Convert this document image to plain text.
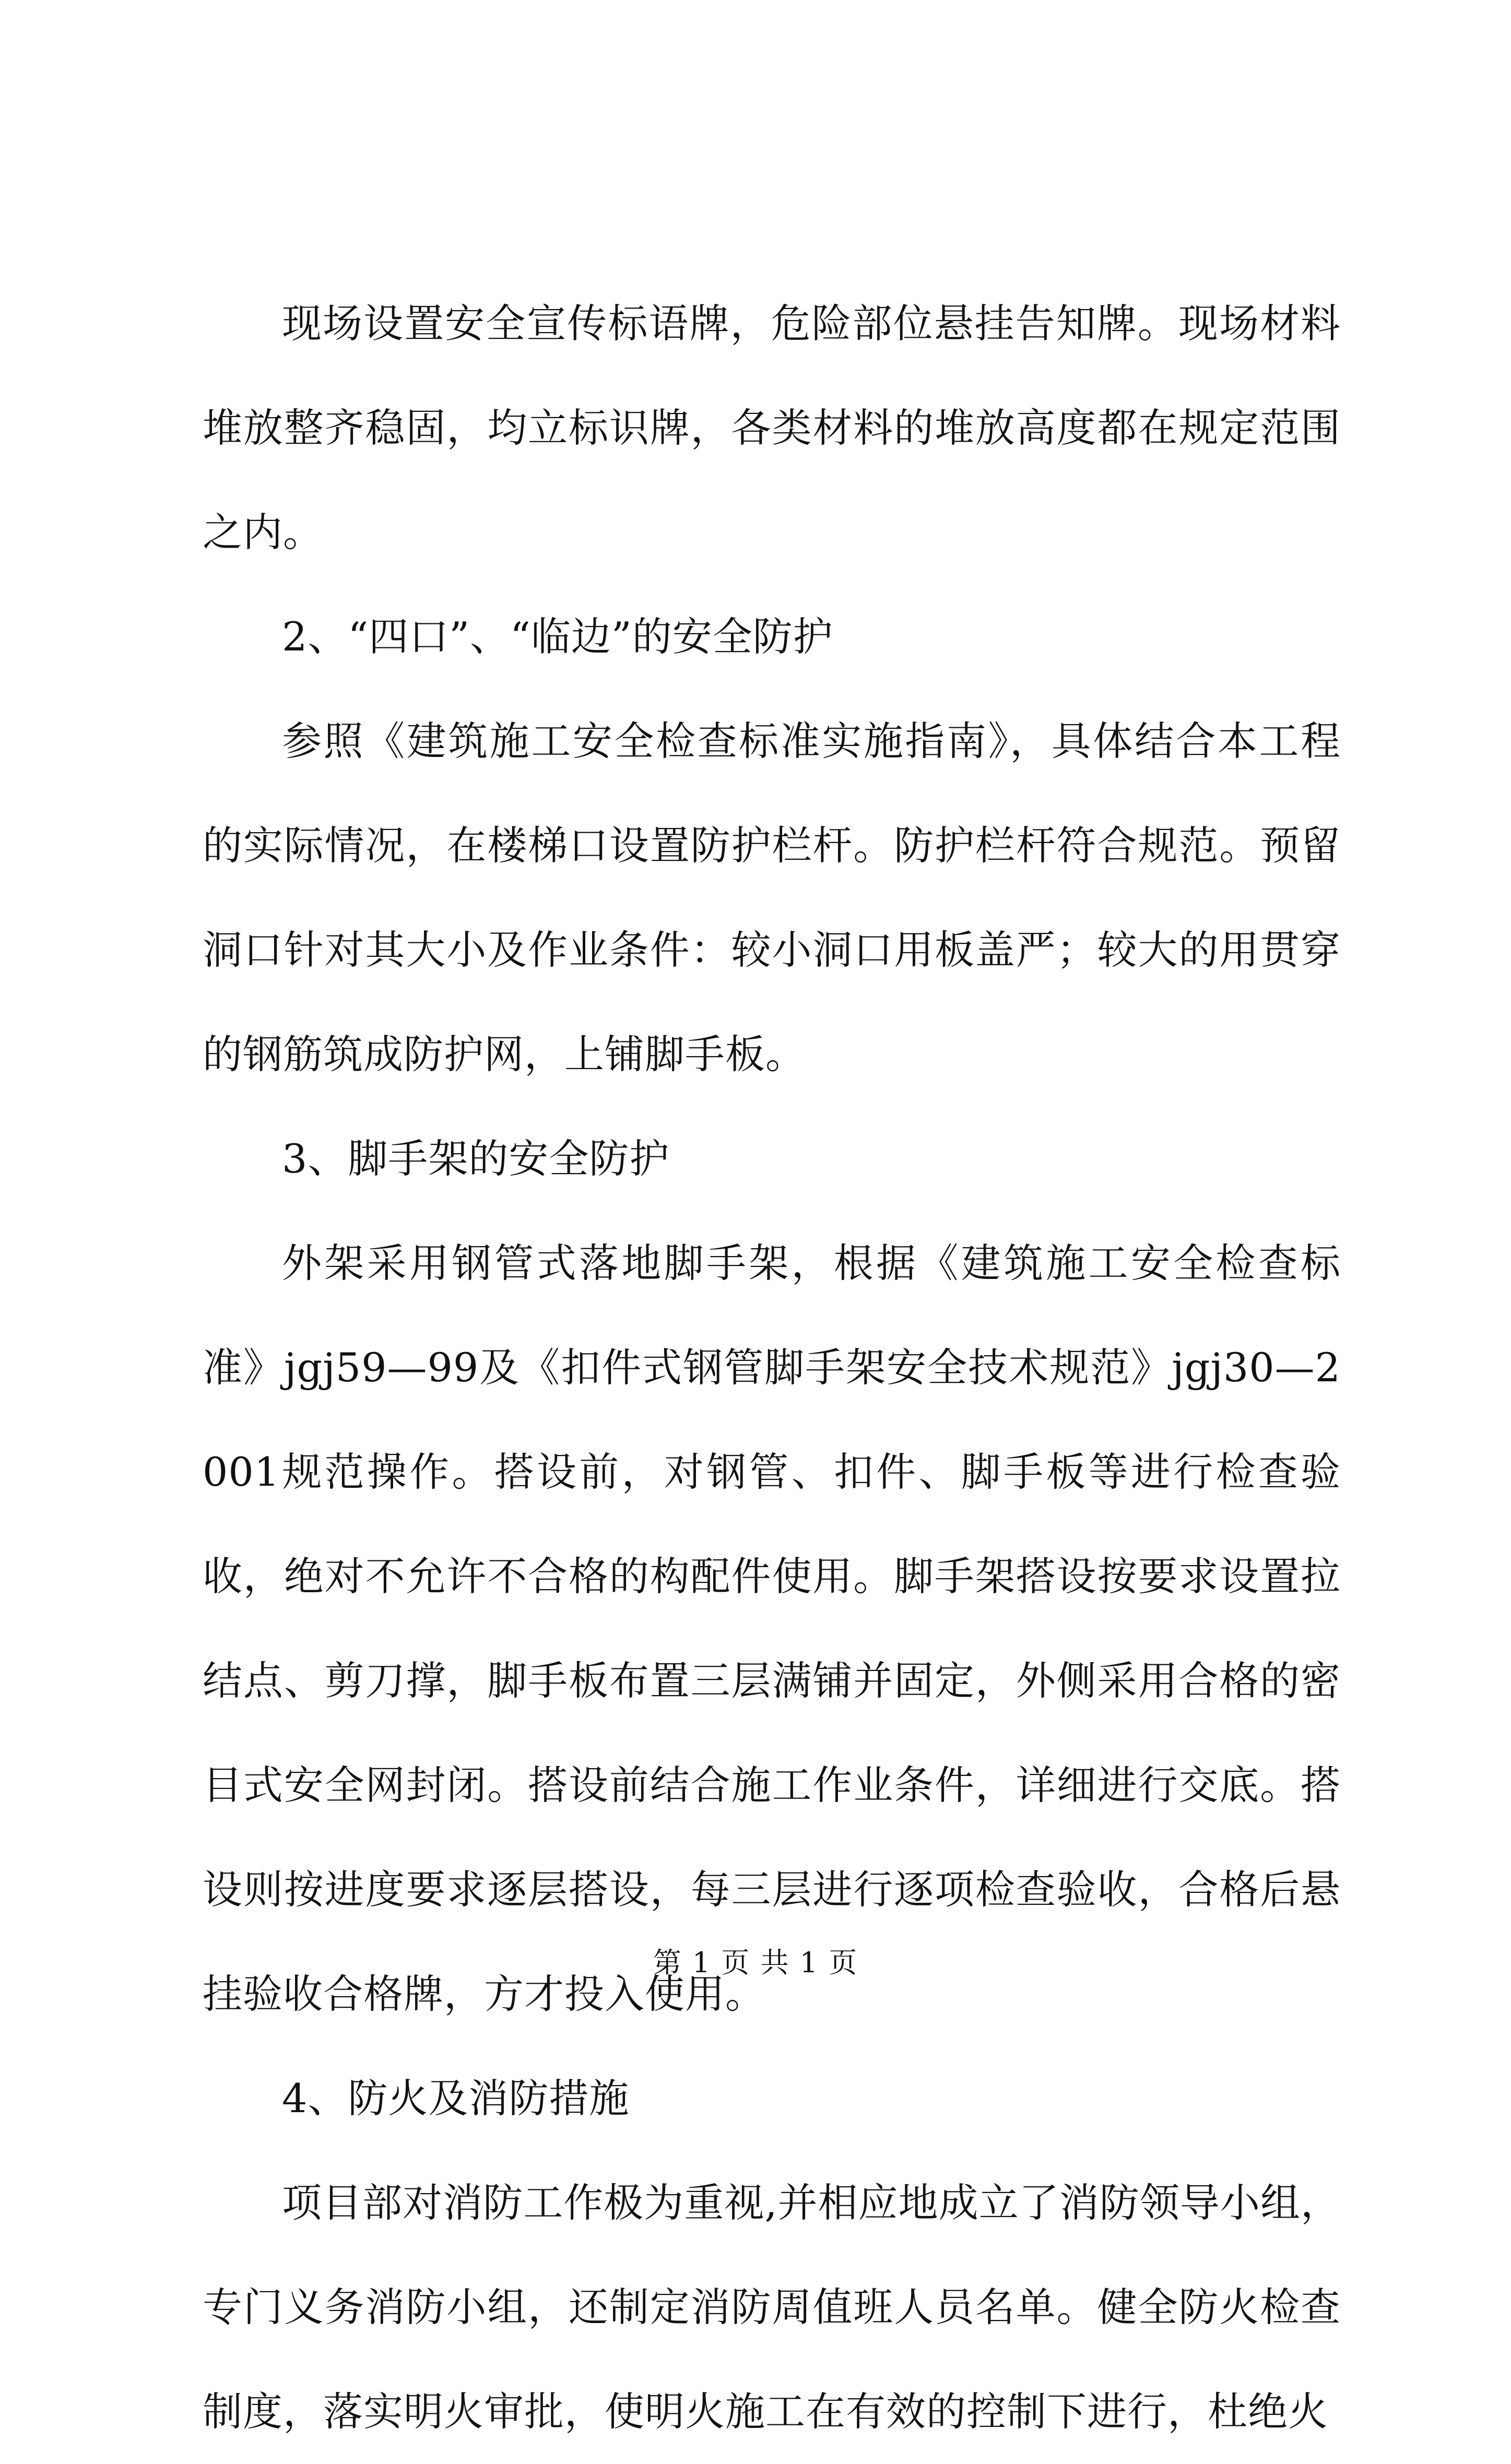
现场设置安全宣传标语牌，危险部位悬挂告知牌。现场材料堆放整齐稳固，均立标识牌，各类材料的堆放高度都在规定范围之内。

2、“四口”、“临边”的安全防护

参照《建筑施工安全检查标准实施指南》，具体结合本工程的实际情况，在楼梯口设置防护栏杆。防护栏杆符合规范。预留洞口针对其大小及作业条件：较小洞口用板盖严；较大的用贯穿的钢筋筑成防护网，上铺脚手板。

3、脚手架的安全防护

外架采用钢管式落地脚手架，根据《建筑施工安全检查标准》jgj59—99及《扣件式钢管脚手架安全技术规范》jgj30—2001规范操作。搭设前，对钢管、扣件、脚手板等进行检查验收，绝对不允许不合格的构配件使用。脚手架搭设按要求设置拉结点、剪刀撑，脚手板布置三层满铺并固定，外侧采用合格的密目式安全网封闭。搭设前结合施工作业条件，详细进行交底。搭设则按进度要求逐层搭设，每三层进行逐项检查验收，合格后悬挂验收合格牌，方才投入使用。

4、防火及消防措施

项目部对消防工作极为重视,并相应地成立了消防领导小组，专门义务消防小组，还制定消防周值班人员名单。健全防火检查制度，落实明火审批，使明火施工在有效的控制下进行，杜绝火

第 1 页 共 1 页
